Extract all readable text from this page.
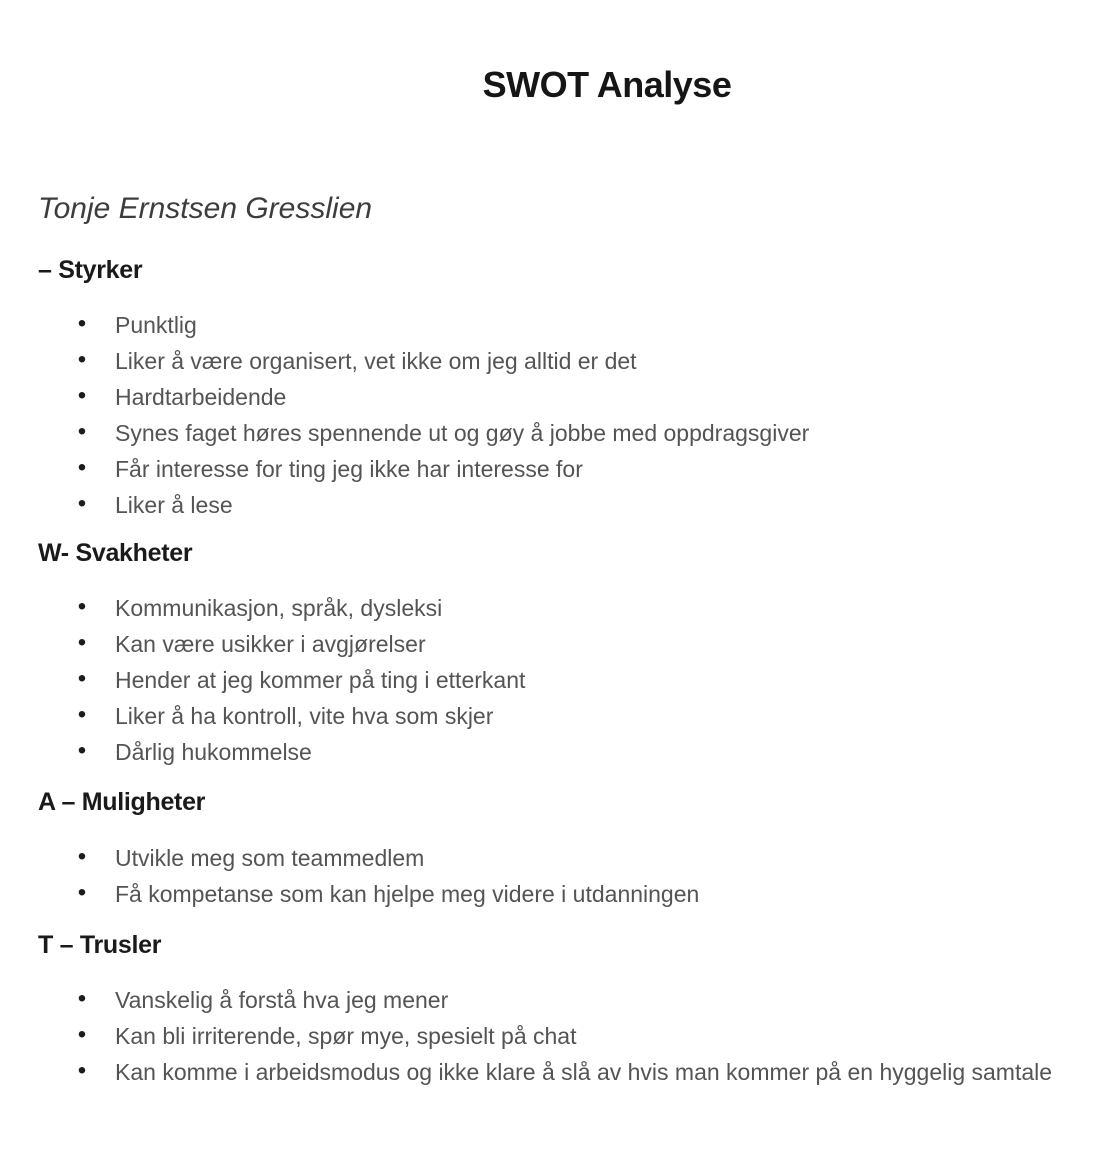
SWOT Analyse
Tonje Ernstsen Gresslien
– Styrker
• Punktlig
• Liker å være organisert, vet ikke om jeg alltid er det
• Hardtarbeidende
• Synes faget høres spennende ut og gøy å jobbe med oppdragsgiver
• Får interesse for ting jeg ikke har interesse for
• Liker å lese
W- Svakheter
• Kommunikasjon, språk, dysleksi
• Kan være usikker i avgjørelser
• Hender at jeg kommer på ting i etterkant
• Liker å ha kontroll, vite hva som skjer
• Dårlig hukommelse
A – Muligheter
• Utvikle meg som teammedlem
• Få kompetanse som kan hjelpe meg videre i utdanningen
T – Trusler
• Vanskelig å forstå hva jeg mener
• Kan bli irriterende, spør mye, spesielt på chat
• Kan komme i arbeidsmodus og ikke klare å slå av hvis man kommer på en hyggelig samtale
